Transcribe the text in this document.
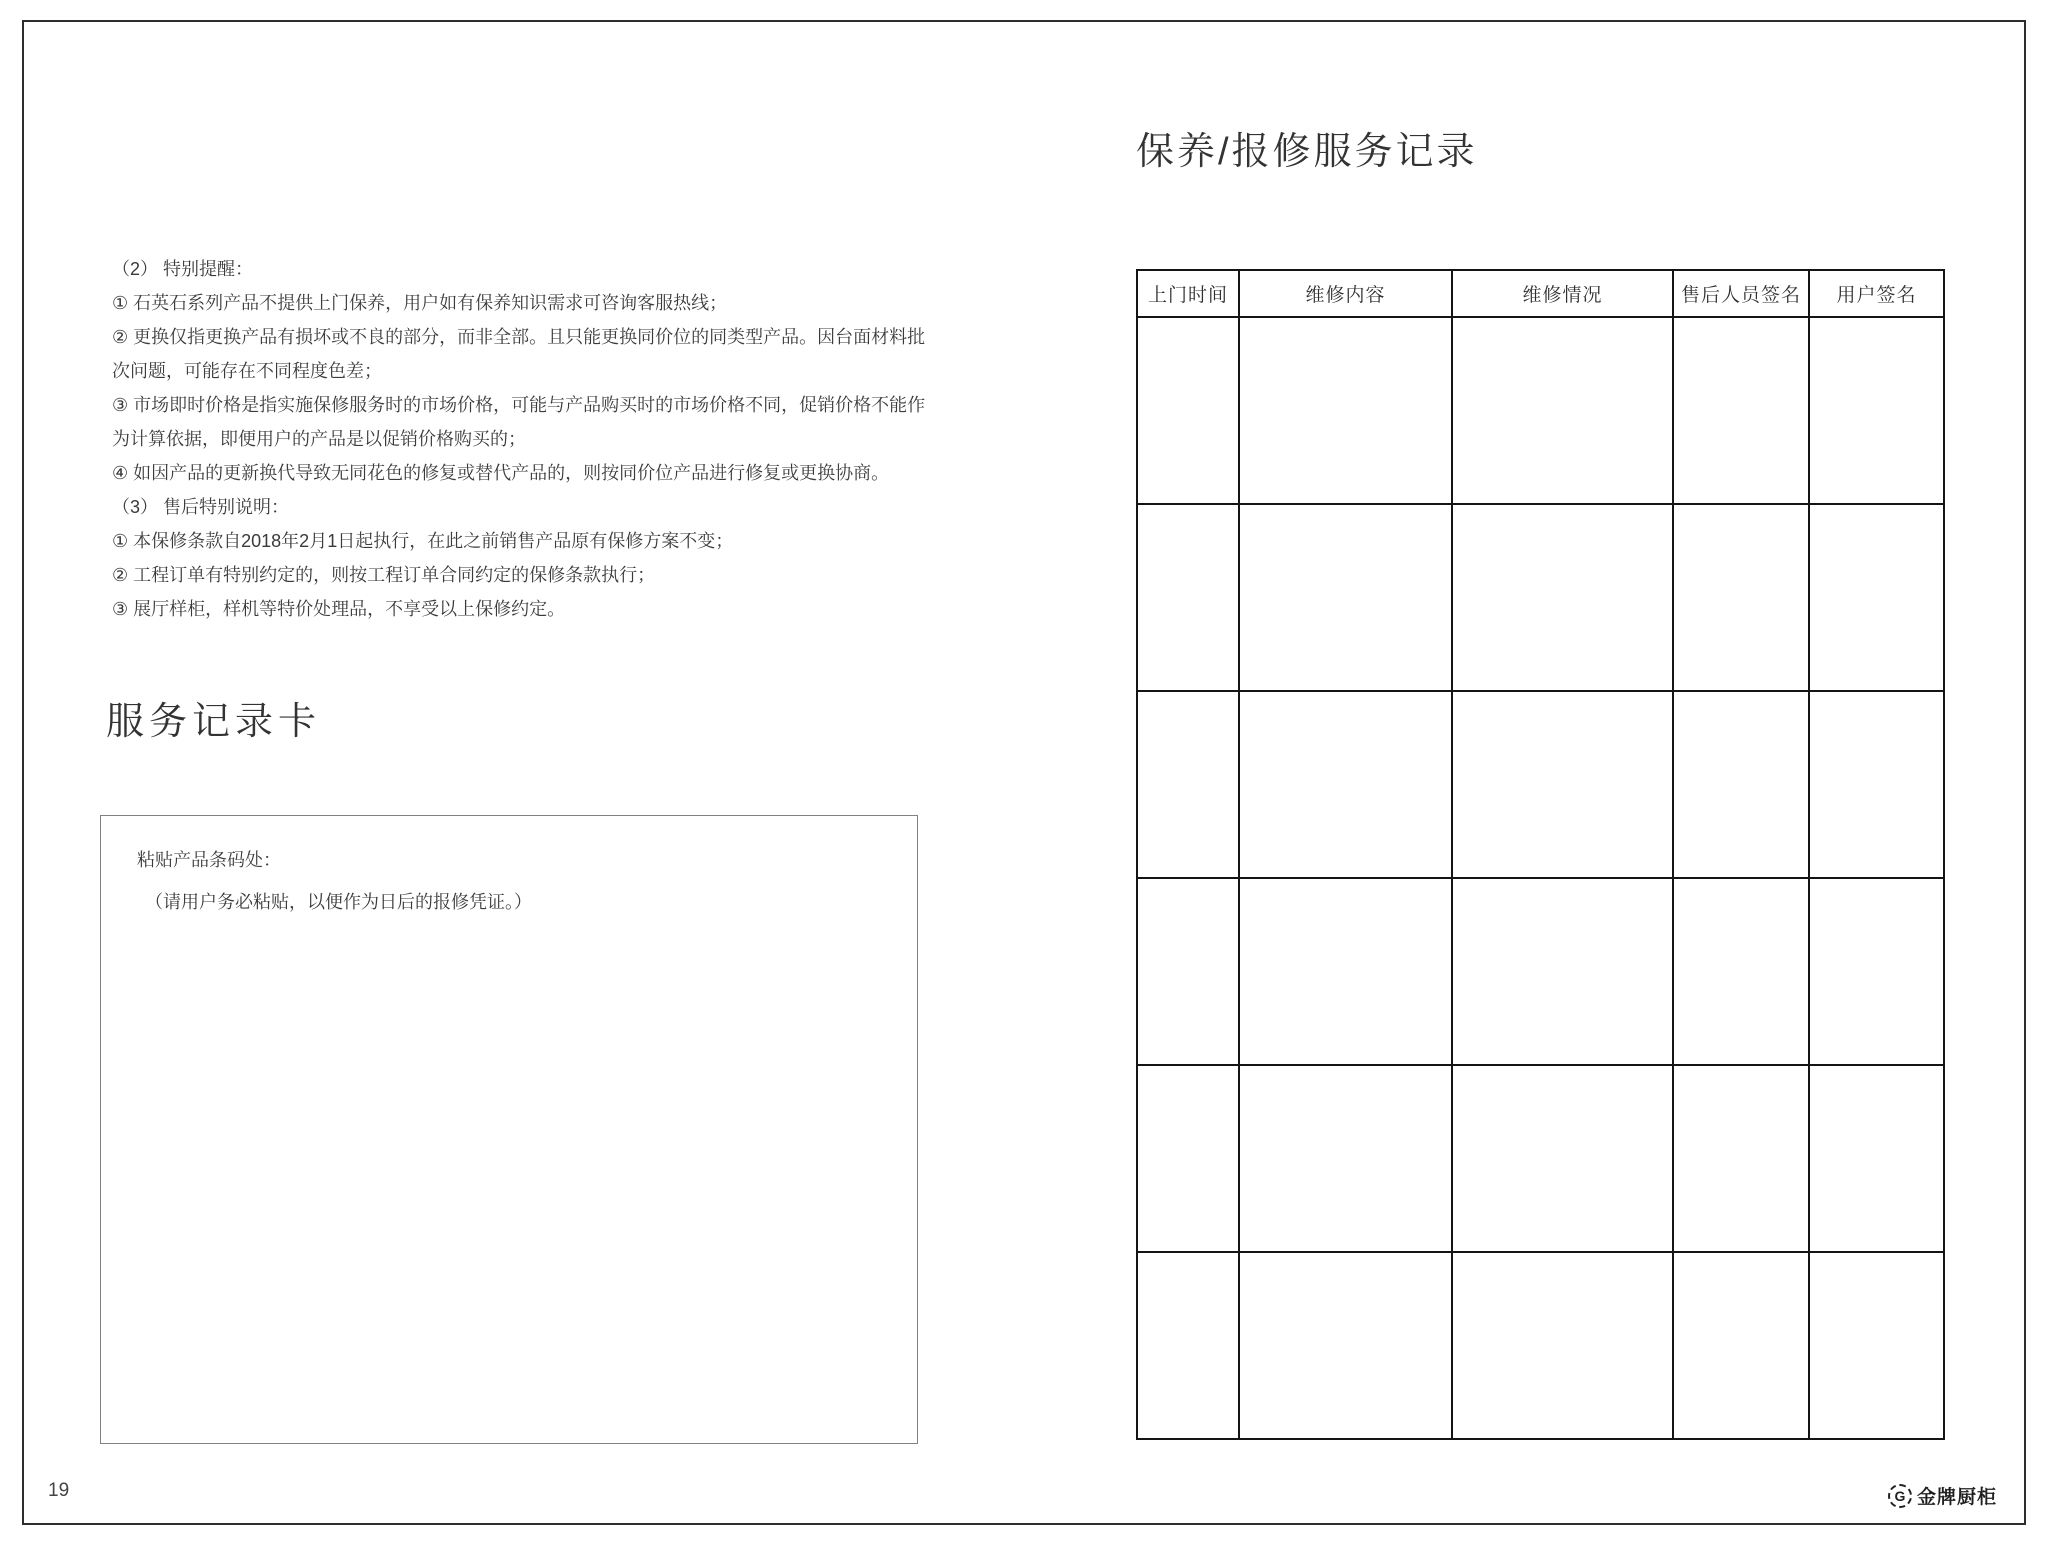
（2） 特别提醒：
① 石英石系列产品不提供上门保养，用户如有保养知识需求可咨询客服热线；
② 更换仅指更换产品有损坏或不良的部分，而非全部。且只能更换同价位的同类型产品。因台面材料批
次问题，可能存在不同程度色差；
③ 市场即时价格是指实施保修服务时的市场价格，可能与产品购买时的市场价格不同，促销价格不能作
为计算依据，即便用户的产品是以促销价格购买的；
④ 如因产品的更新换代导致无同花色的修复或替代产品的，则按同价位产品进行修复或更换协商。
（3） 售后特别说明：
① 本保修条款自2018年2月1日起执行，在此之前销售产品原有保修方案不变；
② 工程订单有特别约定的，则按工程订单合同约定的保修条款执行；
③ 展厅样柜，样机等特价处理品，不享受以上保修约定。
服务记录卡
粘贴产品条码处：
（请用户务必粘贴，以便作为日后的报修凭证。）
保养/报修服务记录
上门时间	维修内容	维修情况	售后人员签名	用户签名

19	G 金牌厨柜
